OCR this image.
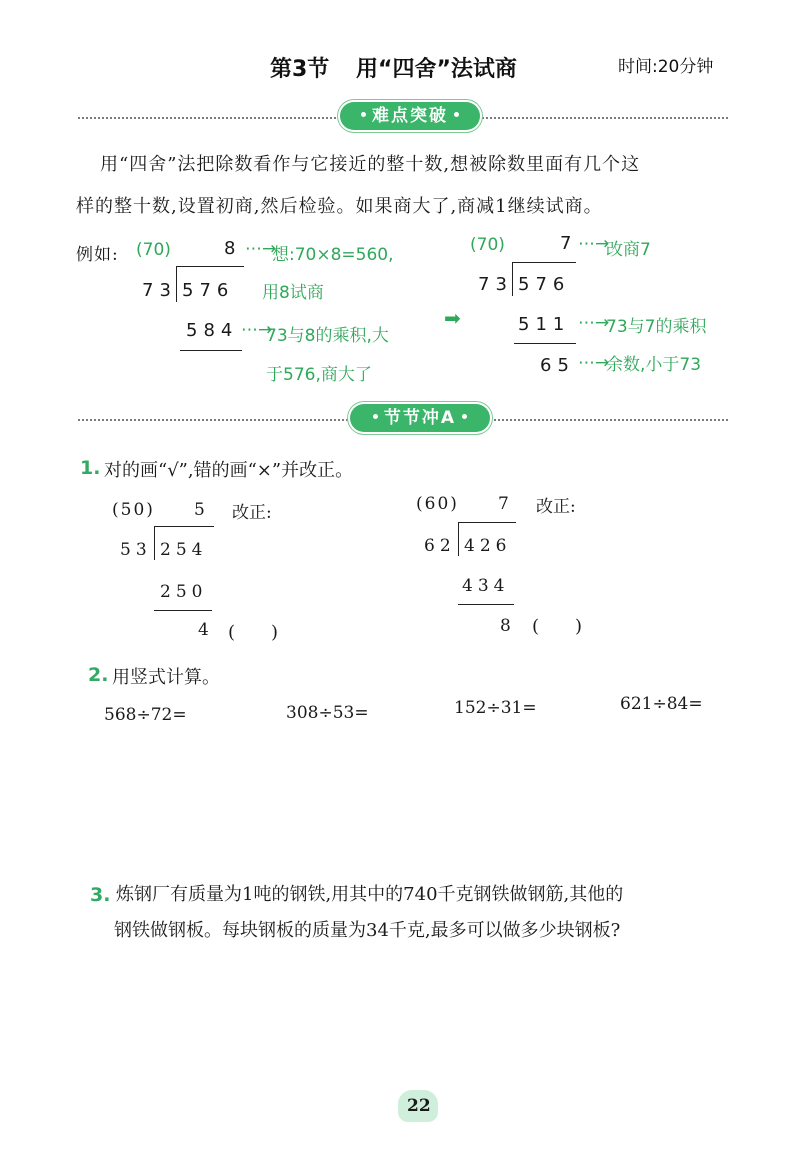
第3节 用“四舍”法试商	时间:20分钟
难点突破
用“四舍”法把除数看作与它接近的整十数,想被除数里面有几个这
样的整十数,设置初商,然后检验。如果商大了,商减1继续试商。
例如: (70)	8 ⋯→
想:70×8=560,
73 576 用8试商
584 ⋯→
73与8的乘积,大
于576,商大了
➡
(70)	7 ⋯→
改商7
73 576
511 ⋯→
73与7的乘积
65 ⋯→
余数,小于73
节节冲A
1. 对的画“√”,错的画“×”并改正。
(50) 5 改正:
53 254
250
4 (　　)
(60) 7 改正:
62 426
434
8 (　　)
2. 用竖式计算。
568÷72=	308÷53=	152÷31=	621÷84=
3. 炼钢厂有质量为1吨的钢铁,用其中的740千克钢铁做钢筋,其他的
钢铁做钢板。每块钢板的质量为34千克,最多可以做多少块钢板?
22
